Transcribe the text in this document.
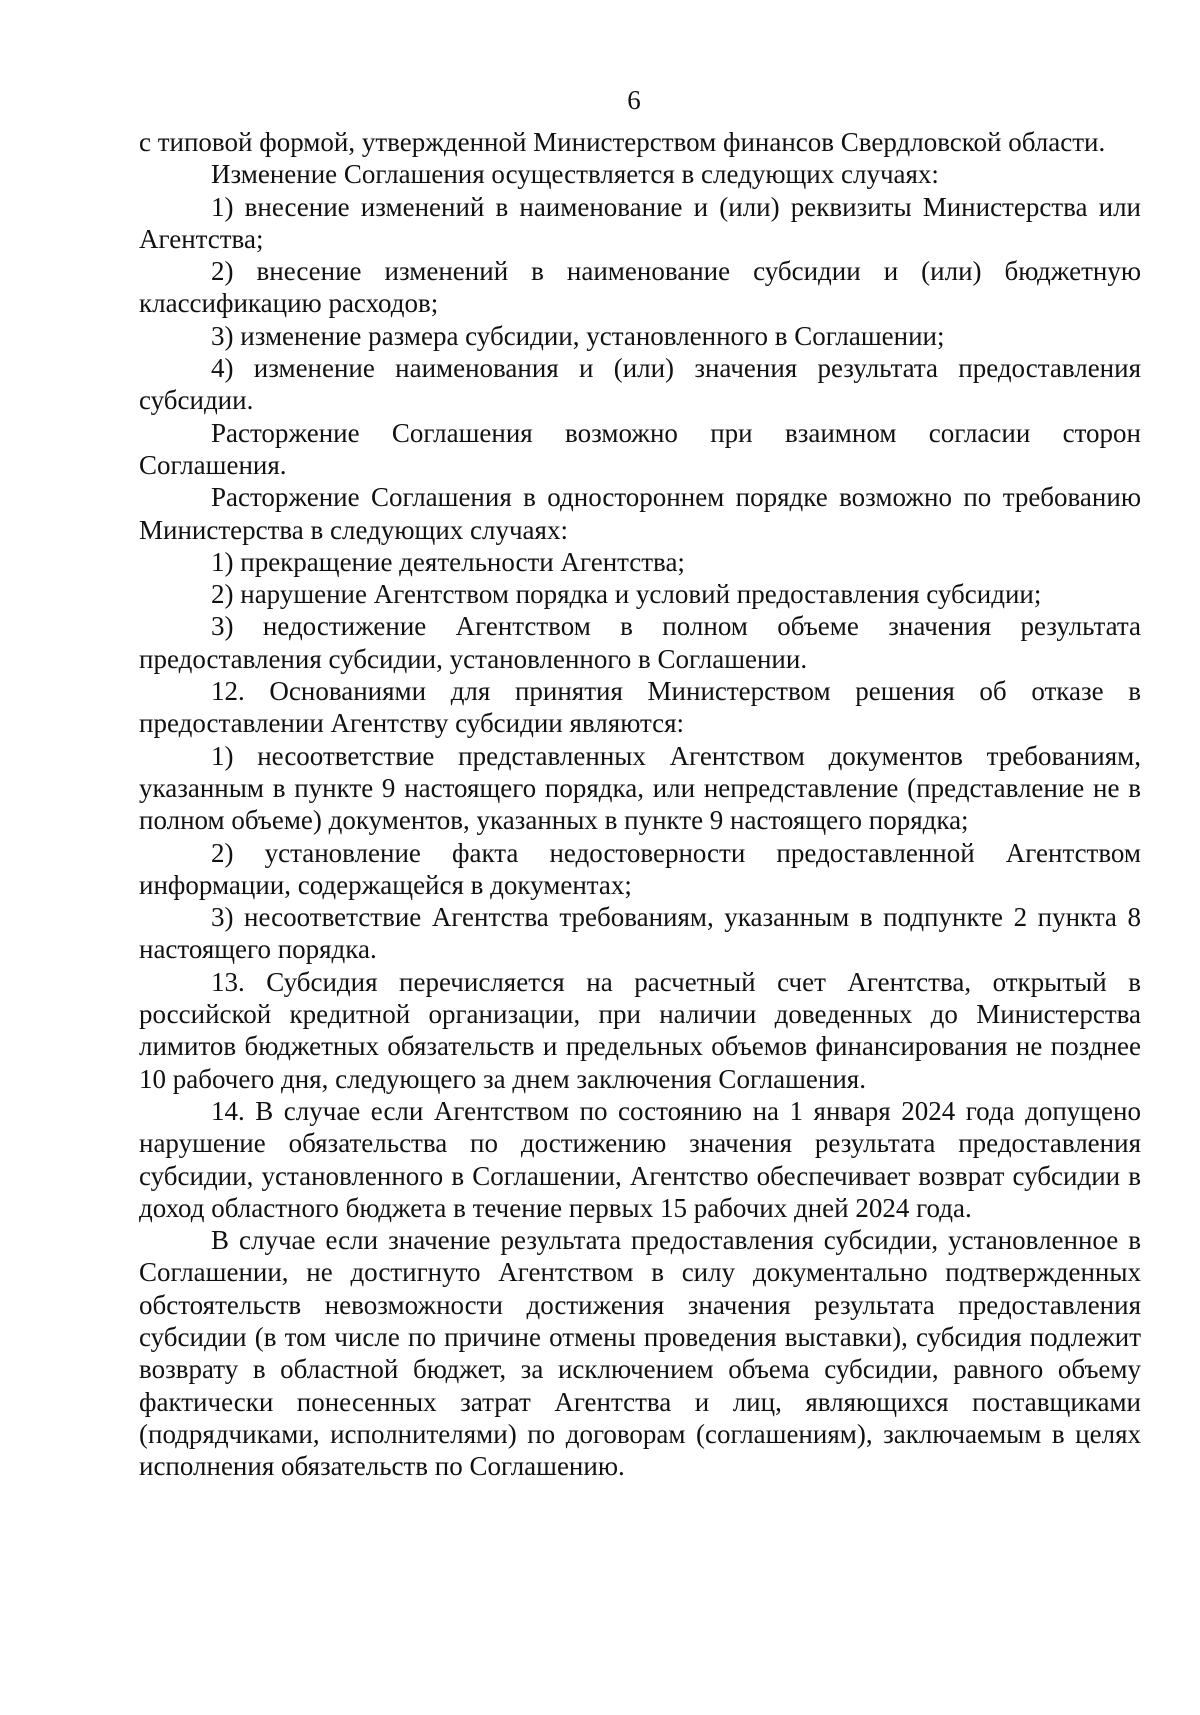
6

с типовой формой, утвержденной Министерством финансов Свердловской области.

Изменение Соглашения осуществляется в следующих случаях:

1) внесение изменений в наименование и (или) реквизиты Министерства или Агентства;

2) внесение изменений в наименование субсидии и (или) бюджетную классификацию расходов;

3) изменение размера субсидии, установленного в Соглашении;

4) изменение наименования и (или) значения результата предоставления субсидии.

Расторжение Соглашения возможно при взаимном согласии сторон Соглашения.

Расторжение Соглашения в одностороннем порядке возможно по требованию Министерства в следующих случаях:

1) прекращение деятельности Агентства;

2) нарушение Агентством порядка и условий предоставления субсидии;

3) недостижение Агентством в полном объеме значения результата предоставления субсидии, установленного в Соглашении.

12. Основаниями для принятия Министерством решения об отказе в предоставлении Агентству субсидии являются:

1) несоответствие представленных Агентством документов требованиям, указанным в пункте 9 настоящего порядка, или непредставление (представление не в полном объеме) документов, указанных в пункте 9 настоящего порядка;

2) установление факта недостоверности предоставленной Агентством информации, содержащейся в документах;

3) несоответствие Агентства требованиям, указанным в подпункте 2 пункта 8 настоящего порядка.

13. Субсидия перечисляется на расчетный счет Агентства, открытый в российской кредитной организации, при наличии доведенных до Министерства лимитов бюджетных обязательств и предельных объемов финансирования не позднее 10 рабочего дня, следующего за днем заключения Соглашения.

14. В случае если Агентством по состоянию на 1 января 2024 года допущено нарушение обязательства по достижению значения результата предоставления субсидии, установленного в Соглашении, Агентство обеспечивает возврат субсидии в доход областного бюджета в течение первых 15 рабочих дней 2024 года.

В случае если значение результата предоставления субсидии, установленное в Соглашении, не достигнуто Агентством в силу документально подтвержденных обстоятельств невозможности достижения значения результата предоставления субсидии (в том числе по причине отмены проведения выставки), субсидия подлежит возврату в областной бюджет, за исключением объема субсидии, равного объему фактически понесенных затрат Агентства и лиц, являющихся поставщиками (подрядчиками, исполнителями) по договорам (соглашениям), заключаемым в целях исполнения обязательств по Соглашению.
